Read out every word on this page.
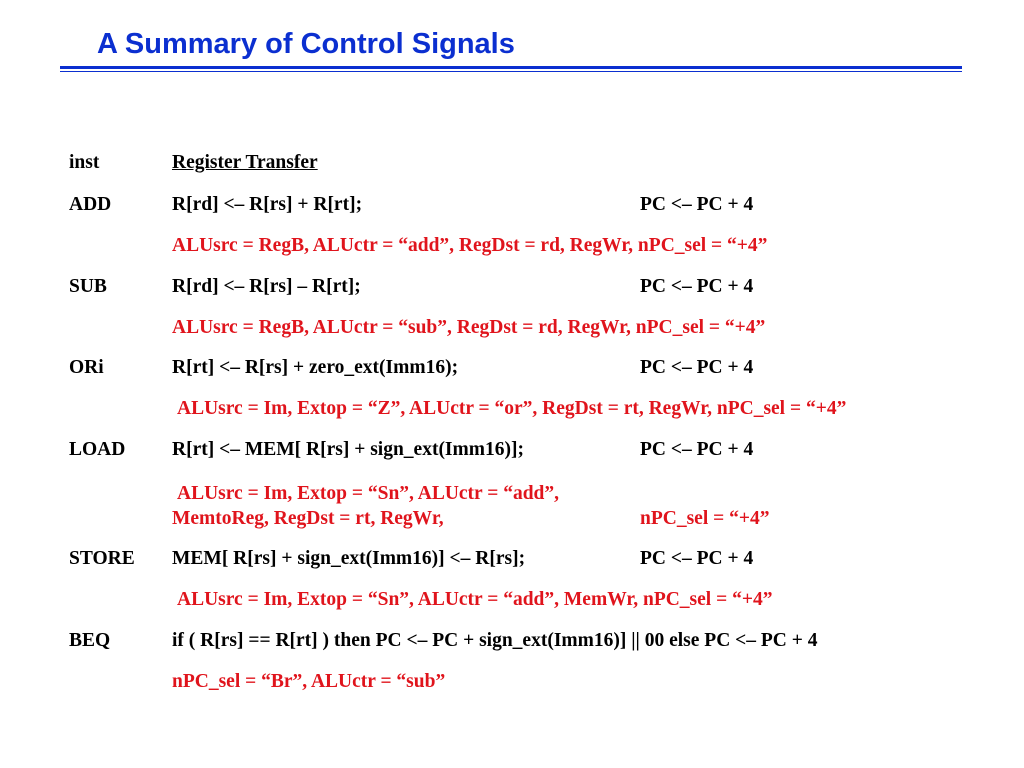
A Summary of Control Signals
inst	Register Transfer
ADD	R[rd] <– R[rs] + R[rt];	PC <– PC + 4
ALUsrc = RegB, ALUctr = “add”, RegDst = rd, RegWr, nPC_sel = “+4”
SUB	R[rd] <– R[rs] – R[rt];	PC <– PC + 4
ALUsrc = RegB, ALUctr = “sub”, RegDst = rd, RegWr, nPC_sel = “+4”
ORi	R[rt] <– R[rs] + zero_ext(Imm16);	PC <– PC + 4
ALUsrc = Im, Extop = “Z”, ALUctr = “or”, RegDst = rt, RegWr, nPC_sel = “+4”
LOAD R[rt] <– MEM[ R[rs] + sign_ext(Imm16)];	PC <– PC + 4
ALUsrc = Im, Extop = “Sn”, ALUctr = “add”,
MemtoReg, RegDst = rt, RegWr,	nPC_sel = “+4”
STORE MEM[ R[rs] + sign_ext(Imm16)] <– R[rs];	PC <– PC + 4
ALUsrc = Im, Extop = “Sn”, ALUctr = “add”, MemWr, nPC_sel = “+4”
BEQ	if ( R[rs] == R[rt] ) then PC <– PC + sign_ext(Imm16)] || 00 else PC <– PC + 4
nPC_sel = “Br”, ALUctr = “sub”
